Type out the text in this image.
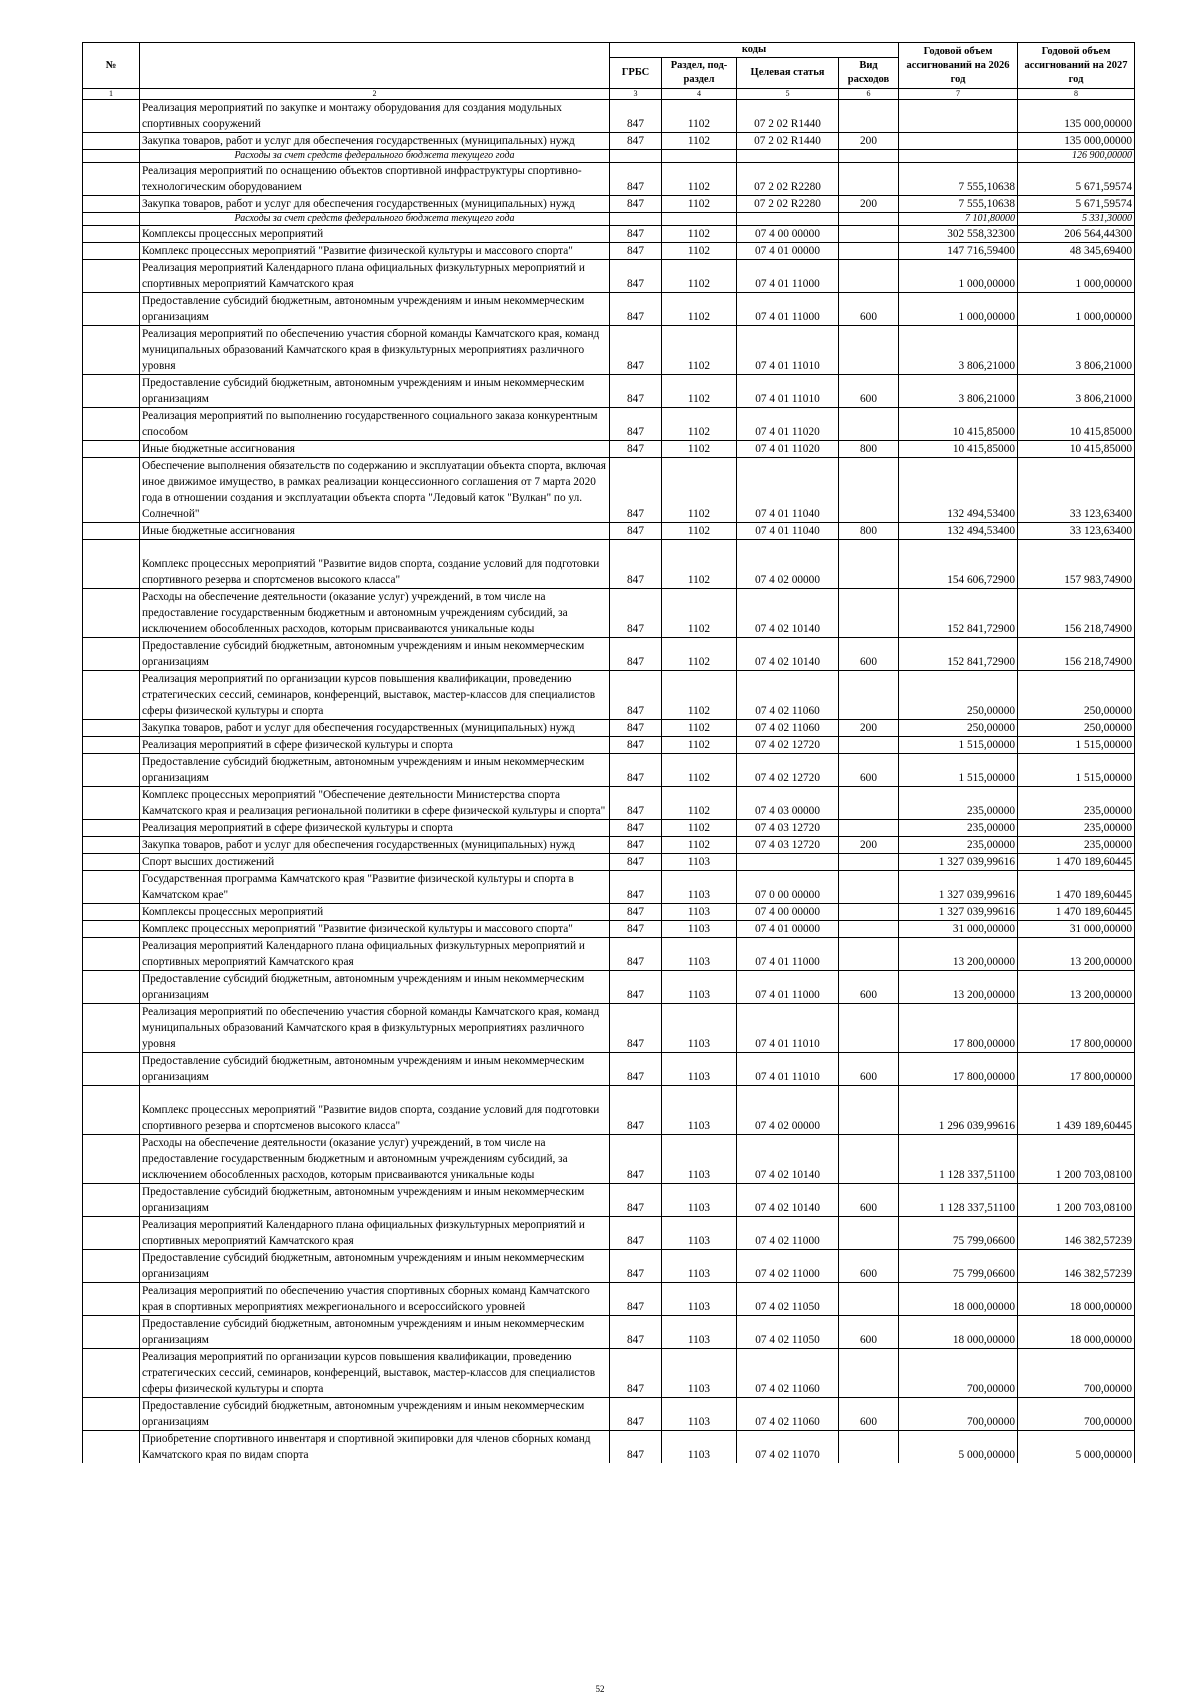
№		коды				Годовой объем ассигнований на 2026 год	Годовой объем ассигнований на 2027 год
		ГРБС	Раздел, под-раздел	Целевая статья	Вид расходов		
1	2	3	4	5	6	7	8
	Реализация мероприятий по закупке и монтажу оборудования для создания модульных спортивных сооружений	847	1102	07 2 02 R1440			135 000,00000
	Закупка товаров, работ и услуг для обеспечения государственных (муниципальных) нужд	847	1102	07 2 02 R1440	200		135 000,00000
	Расходы за счет средств федерального бюджета текущего года						126 900,00000
	Реализация мероприятий по оснащению объектов спортивной инфраструктуры спортивно-технологическим оборудованием	847	1102	07 2 02 R2280		7 555,10638	5 671,59574
	Закупка товаров, работ и услуг для обеспечения государственных (муниципальных) нужд	847	1102	07 2 02 R2280	200	7 555,10638	5 671,59574
	Расходы за счет средств федерального бюджета текущего года					7 101,80000	5 331,30000
	Комплексы процессных мероприятий	847	1102	07 4 00 00000		302 558,32300	206 564,44300
	Комплекс процессных мероприятий "Развитие физической культуры и массового спорта"	847	1102	07 4 01 00000		147 716,59400	48 345,69400
	Реализация мероприятий Календарного плана официальных физкультурных мероприятий и спортивных мероприятий Камчатского края	847	1102	07 4 01 11000		1 000,00000	1 000,00000
	Предоставление субсидий бюджетным, автономным учреждениям и иным некоммерческим организациям	847	1102	07 4 01 11000	600	1 000,00000	1 000,00000
	Реализация мероприятий по обеспечению участия сборной команды Камчатского края, команд муниципальных образований Камчатского края в физкультурных мероприятиях различного уровня	847	1102	07 4 01 11010		3 806,21000	3 806,21000
	Предоставление субсидий бюджетным, автономным учреждениям и иным некоммерческим организациям	847	1102	07 4 01 11010	600	3 806,21000	3 806,21000
	Реализация мероприятий по выполнению государственного социального заказа конкурентным способом	847	1102	07 4 01 11020		10 415,85000	10 415,85000
	Иные бюджетные ассигнования	847	1102	07 4 01 11020	800	10 415,85000	10 415,85000
	Обеспечение выполнения обязательств по содержанию и эксплуатации объекта спорта, включая иное движимое имущество, в рамках реализации концессионного соглашения от 7 марта 2020 года в отношении создания и эксплуатации объекта спорта "Ледовый каток "Вулкан" по ул. Солнечной"	847	1102	07 4 01 11040		132 494,53400	33 123,63400
	Иные бюджетные ассигнования	847	1102	07 4 01 11040	800	132 494,53400	33 123,63400
	Комплекс процессных мероприятий "Развитие видов спорта, создание условий для подготовки спортивного резерва и спортсменов высокого класса"	847	1102	07 4 02 00000		154 606,72900	157 983,74900
	Расходы на обеспечение деятельности (оказание услуг) учреждений, в том числе на предоставление государственным бюджетным и автономным учреждениям субсидий, за исключением обособленных расходов, которым присваиваются уникальные коды	847	1102	07 4 02 10140		152 841,72900	156 218,74900
	Предоставление субсидий бюджетным, автономным учреждениям и иным некоммерческим организациям	847	1102	07 4 02 10140	600	152 841,72900	156 218,74900
	Реализация мероприятий по организации курсов повышения квалификации, проведению стратегических сессий, семинаров, конференций, выставок, мастер-классов для специалистов сферы физической культуры и спорта	847	1102	07 4 02 11060		250,00000	250,00000
	Закупка товаров, работ и услуг для обеспечения государственных (муниципальных) нужд	847	1102	07 4 02 11060	200	250,00000	250,00000
	Реализация мероприятий в сфере физической культуры и спорта	847	1102	07 4 02 12720		1 515,00000	1 515,00000
	Предоставление субсидий бюджетным, автономным учреждениям и иным некоммерческим организациям	847	1102	07 4 02 12720	600	1 515,00000	1 515,00000
	Комплекс процессных мероприятий "Обеспечение деятельности Министерства спорта Камчатского края и реализация региональной политики в сфере физической культуры и спорта"	847	1102	07 4 03 00000		235,00000	235,00000
	Реализация мероприятий в сфере физической культуры и спорта	847	1102	07 4 03 12720		235,00000	235,00000
	Закупка товаров, работ и услуг для обеспечения государственных (муниципальных) нужд	847	1102	07 4 03 12720	200	235,00000	235,00000
	Спорт высших достижений	847	1103			1 327 039,99616	1 470 189,60445
	Государственная программа Камчатского края "Развитие физической культуры и спорта в Камчатском крае"	847	1103	07 0 00 00000		1 327 039,99616	1 470 189,60445
	Комплексы процессных мероприятий	847	1103	07 4 00 00000		1 327 039,99616	1 470 189,60445
	Комплекс процессных мероприятий "Развитие физической культуры и массового спорта"	847	1103	07 4 01 00000		31 000,00000	31 000,00000
	Реализация мероприятий Календарного плана официальных физкультурных мероприятий и спортивных мероприятий Камчатского края	847	1103	07 4 01 11000		13 200,00000	13 200,00000
	Предоставление субсидий бюджетным, автономным учреждениям и иным некоммерческим организациям	847	1103	07 4 01 11000	600	13 200,00000	13 200,00000
	Реализация мероприятий по обеспечению участия сборной команды Камчатского края, команд муниципальных образований Камчатского края в физкультурных мероприятиях различного уровня	847	1103	07 4 01 11010		17 800,00000	17 800,00000
	Предоставление субсидий бюджетным, автономным учреждениям и иным некоммерческим организациям	847	1103	07 4 01 11010	600	17 800,00000	17 800,00000
	Комплекс процессных мероприятий "Развитие видов спорта, создание условий для подготовки спортивного резерва и спортсменов высокого класса"	847	1103	07 4 02 00000		1 296 039,99616	1 439 189,60445
	Расходы на обеспечение деятельности (оказание услуг) учреждений, в том числе на предоставление государственным бюджетным и автономным учреждениям субсидий, за исключением обособленных расходов, которым присваиваются уникальные коды	847	1103	07 4 02 10140		1 128 337,51100	1 200 703,08100
	Предоставление субсидий бюджетным, автономным учреждениям и иным некоммерческим организациям	847	1103	07 4 02 10140	600	1 128 337,51100	1 200 703,08100
	Реализация мероприятий Календарного плана официальных физкультурных мероприятий и спортивных мероприятий Камчатского края	847	1103	07 4 02 11000		75 799,06600	146 382,57239
	Предоставление субсидий бюджетным, автономным учреждениям и иным некоммерческим организациям	847	1103	07 4 02 11000	600	75 799,06600	146 382,57239
	Реализация мероприятий по обеспечению участия спортивных сборных команд Камчатского края в спортивных мероприятиях межрегионального и всероссийского уровней	847	1103	07 4 02 11050		18 000,00000	18 000,00000
	Предоставление субсидий бюджетным, автономным учреждениям и иным некоммерческим организациям	847	1103	07 4 02 11050	600	18 000,00000	18 000,00000
	Реализация мероприятий по организации курсов повышения квалификации, проведению стратегических сессий, семинаров, конференций, выставок, мастер-классов для специалистов сферы физической культуры и спорта	847	1103	07 4 02 11060		700,00000	700,00000
	Предоставление субсидий бюджетным, автономным учреждениям и иным некоммерческим организациям	847	1103	07 4 02 11060	600	700,00000	700,00000
	Приобретение спортивного инвентаря и спортивной экипировки для членов сборных команд Камчатского края по видам спорта	847	1103	07 4 02 11070		5 000,00000	5 000,00000
52
